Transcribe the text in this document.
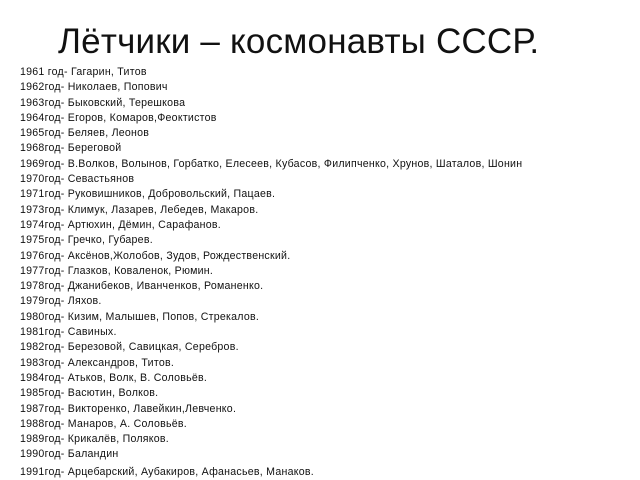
Лётчики – космонавты СССР.
1961 год- Гагарин, Титов
1962год- Николаев, Попович
1963год- Быковский, Терешкова
1964год- Егоров, Комаров,Феоктистов
1965год- Беляев, Леонов
1968год- Береговой
1969год- В.Волков, Волынов, Горбатко, Елесеев, Кубасов, Филипченко, Хрунов, Шаталов, Шонин
1970год- Севастьянов
1971год- Руковишников, Добровольский, Пацаев.
1973год- Климук, Лазарев, Лебедев, Макаров.
1974год- Артюхин, Дёмин, Сарафанов.
1975год- Гречко, Губарев.
1976год- Аксёнов,Жолобов, Зудов, Рождественский.
1977год- Глазков, Коваленок, Рюмин.
1978год- Джанибеков, Иванченков, Романенко.
1979год- Ляхов.
1980год- Кизим, Малышев, Попов, Стрекалов.
1981год- Савиных.
1982год- Березовой, Савицкая, Серебров.
1983год- Александров, Титов.
1984год- Атьков, Волк, В. Соловьёв.
1985год- Васютин, Волков.
1987год- Викторенко, Лавейкин,Левченко.
1988год- Манаров, А. Соловьёв.
1989год- Крикалёв, Поляков.
1990год- Баландин
1991год- Арцебарский, Аубакиров, Афанасьев, Манаков.
